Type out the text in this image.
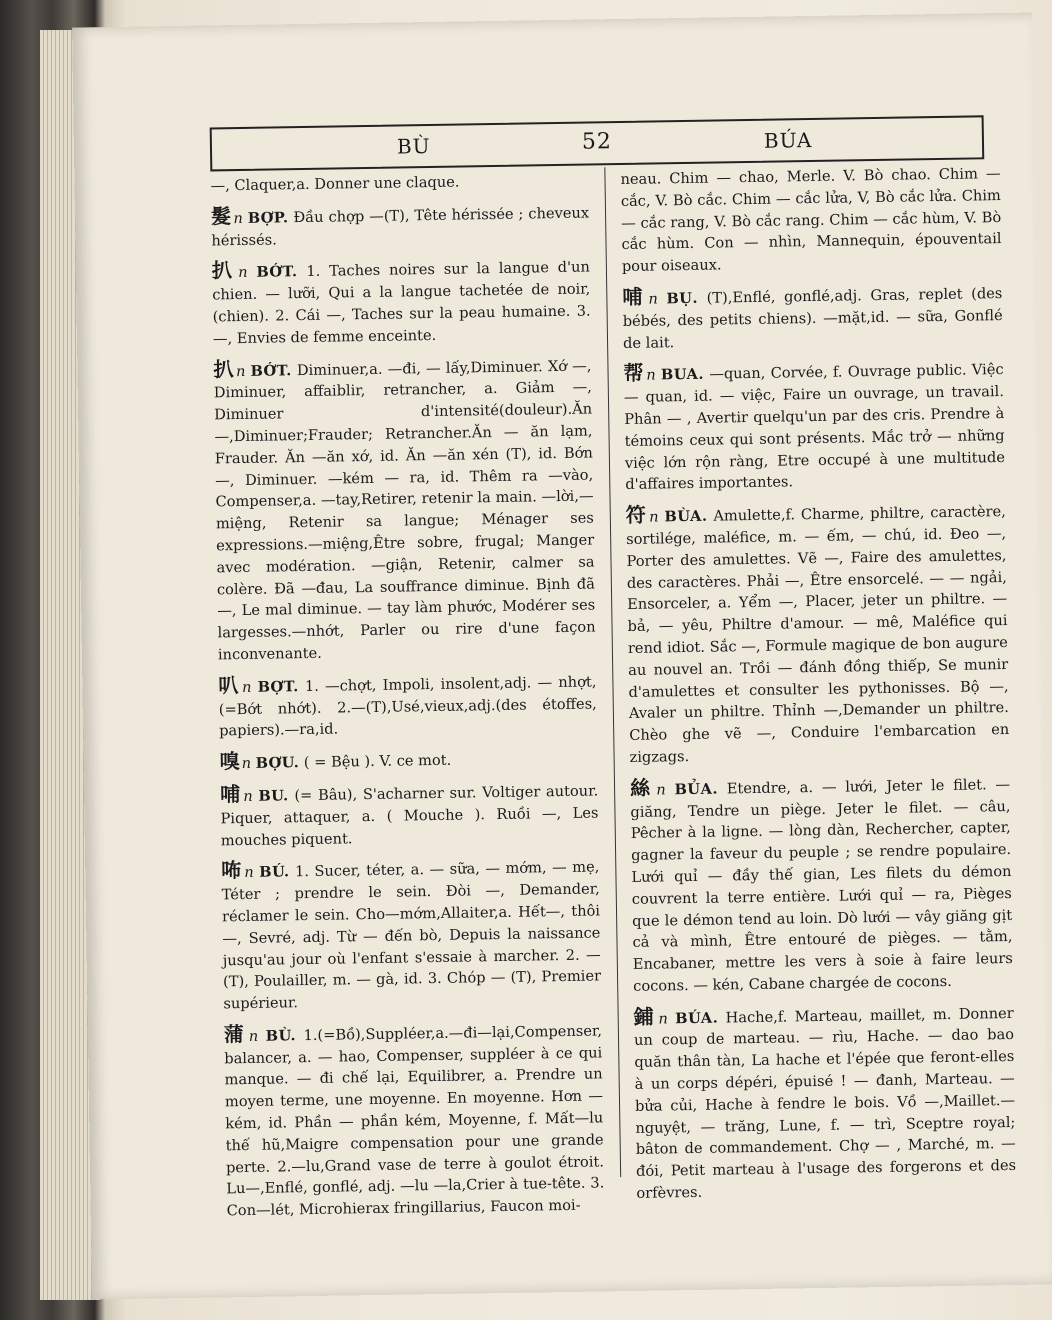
BÙ	52	BÚA

—, Claquer,a. Donner une claque.

髮 n BỢP. Đầu chợp —(T), Tête hérissée ; cheveux hérissés.

扒 n BỚT. 1. Taches noires sur la langue d'un chien. — lưỡi, Qui a la langue tachetée de noir, (chien). 2. Cái —, Taches sur la peau humaine. 3. —, Envies de femme enceinte.

扒 n BỚT. Diminuer,a. —đi, — lấy,Diminuer. Xớ —, Diminuer, affaiblir, retrancher, a. Giảm —, Diminuer d'intensité(douleur).Ăn—,Diminuer;Frauder; Retrancher.Ăn — ăn lạm, Frauder. Ăn —ăn xớ, id. Ăn —ăn xén (T), id. Bớn —, Diminuer. —kém — ra, id. Thêm ra —vào, Compenser,a. —tay,Retirer, retenir la main. —lời,—miệng, Retenir sa langue; Ménager ses expressions.—miệng,Être sobre, frugal; Manger avec modération. —giận, Retenir, calmer sa colère. Đã —đau, La souffrance diminue. Bịnh đã —, Le mal diminue. — tay làm phước, Modérer ses largesses.—nhớt, Parler ou rire d'une façon inconvenante.

叭 n BỢT. 1. —chợt, Impoli, insolent,adj. — nhợt,(=Bớt nhớt). 2.—(T),Usé,vieux,adj.(des étoffes, papiers).—ra,id.

嗅 n BỢU. ( = Bệu ). V. ce mot.

哺 n BU. (= Bâu), S'acharner sur. Voltiger autour. Piquer, attaquer, a. ( Mouche ). Ruồi —, Les mouches piquent.

咘 n BÚ. 1. Sucer, téter, a. — sữa, — mớm, — mẹ, Téter ; prendre le sein. Đòi —, Demander, réclamer le sein. Cho—mớm,Allaiter,a. Hết—, thôi —, Sevré, adj. Từ — đến bò, Depuis la naissance jusqu'au jour où l'enfant s'essaie à marcher. 2. —(T), Poulailler, m. — gà, id. 3. Chóp — (T), Premier supérieur.

蒲 n BÙ. 1.(=Bồ),Suppléer,a.—đi—lại,Compenser, balancer, a. — hao, Compenser, suppléer à ce qui manque. — đi chế lại, Equilibrer, a. Prendre un moyen terme, une moyenne. En moyenne. Hơn — kém, id. Phần — phần kém, Moyenne, f. Mất—lu thế hũ,Maigre compensation pour une grande perte. 2.—lu,Grand vase de terre à goulot étroit. Lu—,Enflé, gonflé, adj. —lu —la,Crier à tue-tête. 3. Con—lét, Microhierax fringillarius, Faucon moi-

neau. Chim — chao, Merle. V. Bò chao. Chim — cắc, V. Bò cắc. Chim — cắc lửa, V, Bò cắc lửa. Chim — cắc rang, V. Bò cắc rang. Chim — cắc hùm, V. Bò cắc hùm. Con — nhìn, Mannequin, épouventail pour oiseaux.

哺 n BỤ. (T),Enflé, gonflé,adj. Gras, replet (des bébés, des petits chiens). —mặt,id. — sữa, Gonflé de lait.

帮 n BUA. —quan, Corvée, f. Ouvrage public. Việc — quan, id. — việc, Faire un ouvrage, un travail. Phân — , Avertir quelqu'un par des cris. Prendre à témoins ceux qui sont présents. Mắc trở — những việc lớn rộn ràng, Etre occupé à une multitude d'affaires importantes.

符 n BÙA. Amulette,f. Charme, philtre, caractère, sortilége, maléfice, m. — ếm, — chú, id. Đeo —, Porter des amulettes. Vẽ —, Faire des amulettes, des caractères. Phải —, Être ensorcelé. — — ngải, Ensorceler, a. Yểm —, Placer, jeter un philtre. — bả, — yêu, Philtre d'amour. — mê, Maléfice qui rend idiot. Sắc —, Formule magique de bon augure au nouvel an. Trồi — đánh đồng thiếp, Se munir d'amulettes et consulter les pythonisses. Bộ —, Avaler un philtre. Thỉnh —,Demander un philtre. Chèo ghe vẽ —, Conduire l'embarcation en zigzags.

絲 n BỦA. Etendre, a. — lưới, Jeter le filet. — giăng, Tendre un piège. Jeter le filet. — câu, Pêcher à la ligne. — lòng dàn, Rechercher, capter, gagner la faveur du peuple ; se rendre populaire. Lưới quỉ — đầy thế gian, Les filets du démon couvrent la terre entière. Lưới quỉ — ra, Pièges que le démon tend au loin. Dò lưới — vây giăng gịt cả và mình, Être entouré de pièges. — tằm, Encabaner, mettre les vers à soie à faire leurs cocons. — kén, Cabane chargée de cocons.

鋪 n BÚA. Hache,f. Marteau, maillet, m. Donner un coup de marteau. — rìu, Hache. — dao bao quăn thân tàn, La hache et l'épée que feront-elles à un corps dépéri, épuisé ! — đanh, Marteau. — bửa củi, Hache à fendre le bois. Vồ —,Maillet.—nguyệt, — trăng, Lune, f. — trì, Sceptre royal; bâton de commandement. Chợ — , Marché, m. — đói, Petit marteau à l'usage des forgerons et des orfèvres.
